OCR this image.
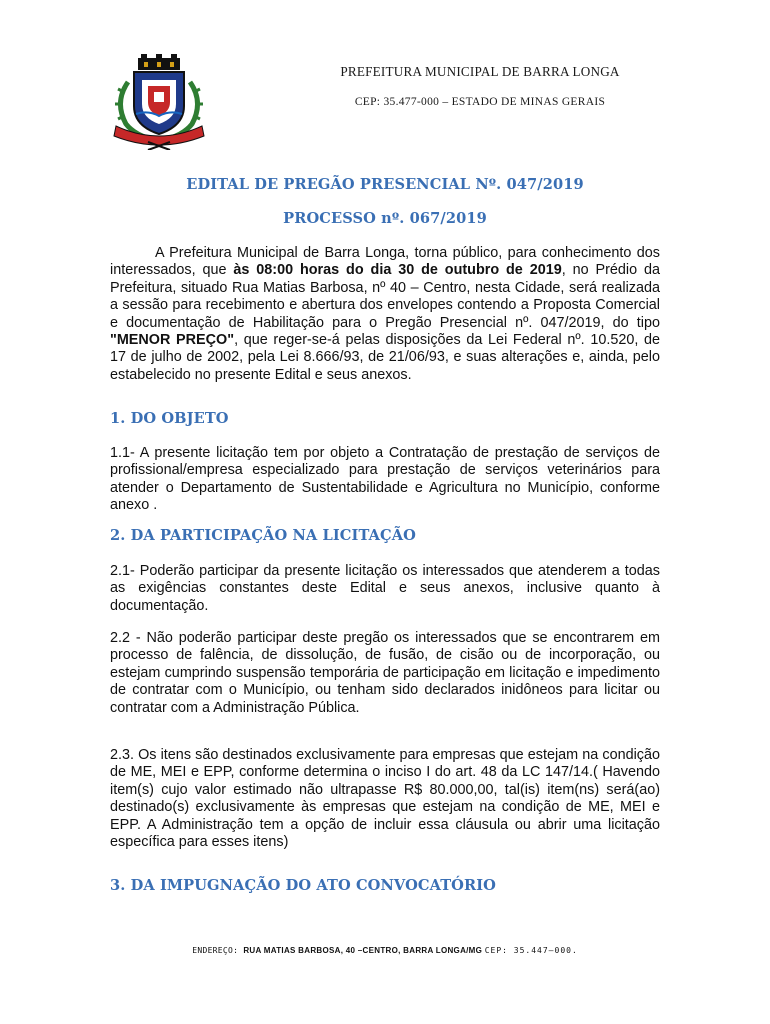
PREFEITURA MUNICIPAL DE BARRA LONGA
CEP: 35.477-000 – ESTADO DE MINAS GERAIS
EDITAL DE PREGÃO PRESENCIAL Nº. 047/2019
PROCESSO nº. 067/2019
A Prefeitura Municipal de Barra Longa, torna público, para conhecimento dos interessados, que às 08:00 horas do dia 30 de outubro de 2019, no Prédio da Prefeitura, situado Rua Matias Barbosa, nº 40 – Centro, nesta Cidade, será realizada a sessão para recebimento e abertura dos envelopes contendo a Proposta Comercial e documentação de Habilitação para o Pregão Presencial nº. 047/2019, do tipo "MENOR PREÇO", que reger-se-á pelas disposições da Lei Federal nº. 10.520, de 17 de julho de 2002, pela Lei 8.666/93, de 21/06/93, e suas alterações e, ainda, pelo estabelecido no presente Edital e seus anexos.
1. DO OBJETO
1.1- A presente licitação tem por objeto a Contratação de prestação de serviços de profissional/empresa especializado para prestação de serviços veterinários para atender o Departamento de Sustentabilidade e Agricultura no Município, conforme anexo .
2. DA PARTICIPAÇÃO NA LICITAÇÃO
2.1- Poderão participar da presente licitação os interessados que atenderem a todas as exigências constantes deste Edital e seus anexos, inclusive quanto à documentação.
2.2 - Não poderão participar deste pregão os interessados que se encontrarem em processo de falência, de dissolução, de fusão, de cisão ou de incorporação, ou estejam cumprindo suspensão temporária de participação em licitação e impedimento de contratar com o Município, ou tenham sido declarados inidôneos para licitar ou contratar com a Administração Pública.
2.3. Os itens são destinados exclusivamente para empresas que estejam na condição de ME, MEI e EPP, conforme determina o inciso I do art. 48 da LC 147/14.( Havendo item(s) cujo valor estimado não ultrapasse R$ 80.000,00, tal(is) item(ns) será(ao) destinado(s) exclusivamente às empresas que estejam na condição de ME, MEI e EPP. A Administração tem a opção de incluir essa cláusula ou abrir uma licitação específica para esses itens)
3. DA IMPUGNAÇÃO DO ATO CONVOCATÓRIO
ENDEREÇO: RUA MATIAS BARBOSA, 40 –CENTRO, BARRA LONGA/MG CEP: 35.447–000.
